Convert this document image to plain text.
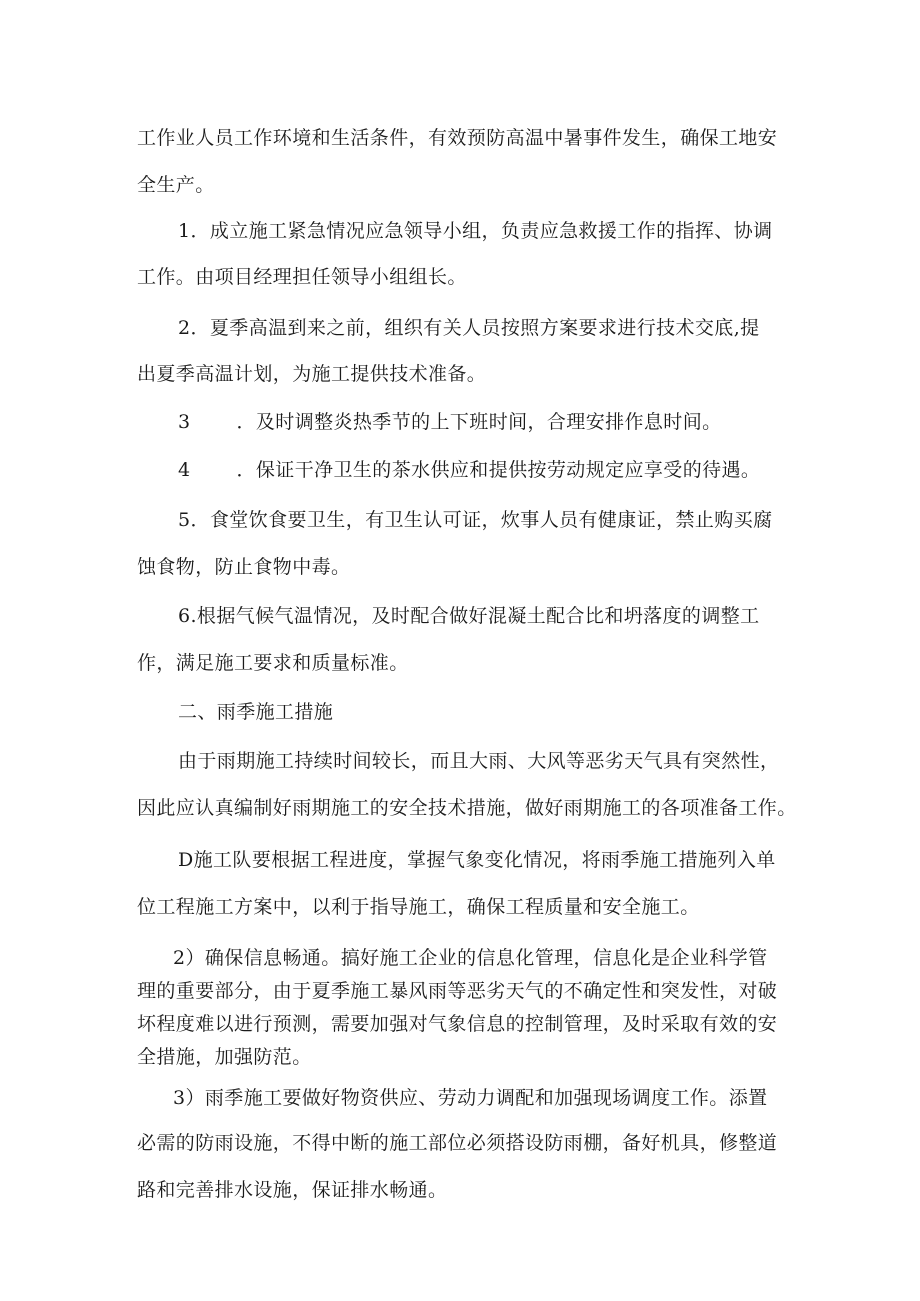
工作业人员工作环境和生活条件，有效预防高温中暑事件发生，确保工地安
全生产。
1．成立施工紧急情况应急领导小组，负责应急救援工作的指挥、协调
工作。由项目经理担任领导小组组长。
2．夏季高温到来之前，组织有关人员按照方案要求进行技术交底,提
出夏季高温计划，为施工提供技术准备。
3 ．及时调整炎热季节的上下班时间，合理安排作息时间。
4 ．保证干净卫生的茶水供应和提供按劳动规定应享受的待遇。
5．食堂饮食要卫生，有卫生认可证，炊事人员有健康证，禁止购买腐
蚀食物，防止食物中毒。
6.根据气候气温情况，及时配合做好混凝土配合比和坍落度的调整工
作，满足施工要求和质量标准。
二、雨季施工措施
由于雨期施工持续时间较长，而且大雨、大风等恶劣天气具有突然性，
因此应认真编制好雨期施工的安全技术措施，做好雨期施工的各项准备工作。
D施工队要根据工程进度，掌握气象变化情况，将雨季施工措施列入单
位工程施工方案中，以利于指导施工，确保工程质量和安全施工。
2）确保信息畅通。搞好施工企业的信息化管理，信息化是企业科学管
理的重要部分，由于夏季施工暴风雨等恶劣天气的不确定性和突发性，对破
坏程度难以进行预测，需要加强对气象信息的控制管理，及时采取有效的安
全措施，加强防范。
3）雨季施工要做好物资供应、劳动力调配和加强现场调度工作。添置
必需的防雨设施，不得中断的施工部位必须搭设防雨棚，备好机具，修整道
路和完善排水设施，保证排水畅通。
